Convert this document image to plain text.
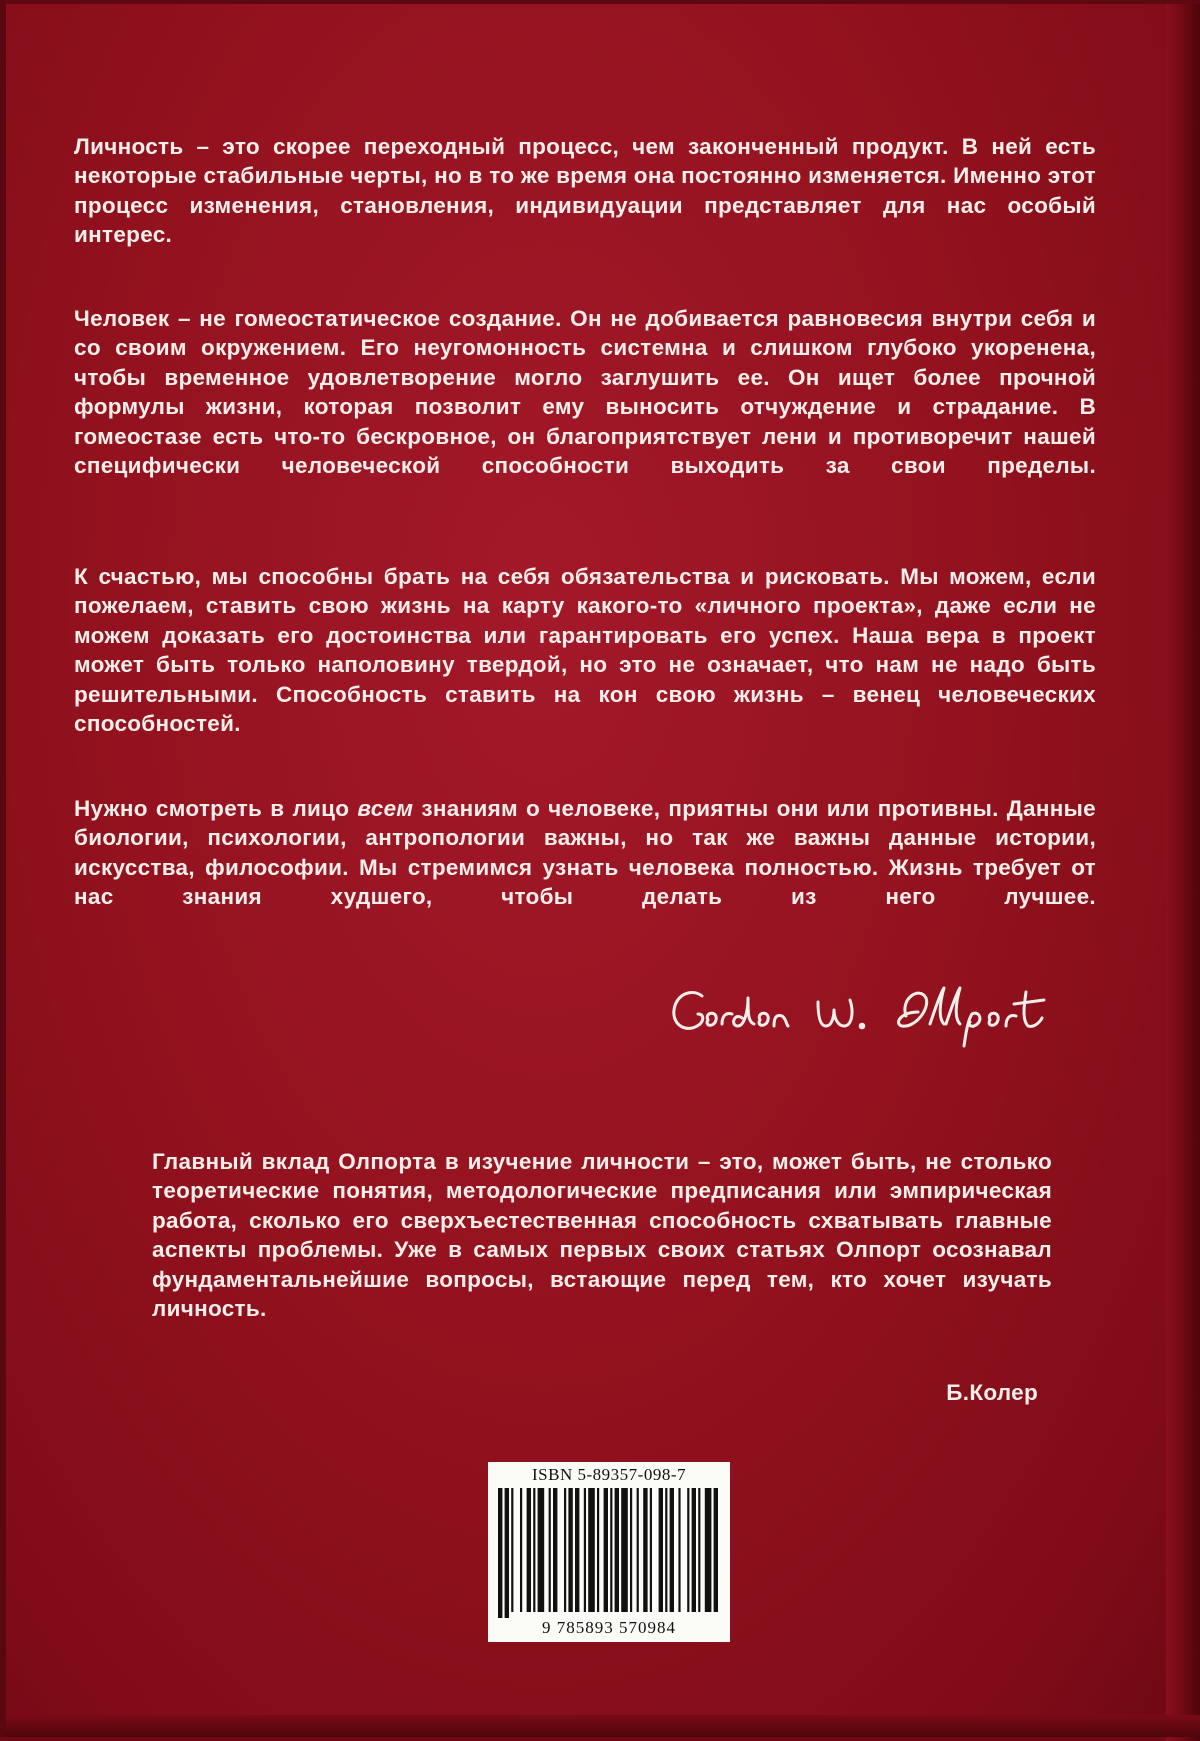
Личность – это скорее переходный процесс, чем законченный продукт. В ней есть некоторые стабильные черты, но в то же время она постоянно изменяется. Именно этот процесс изменения, становления, индивидуации представляет для нас особый интерес.

Человек – не гомеостатическое создание. Он не добивается равновесия внутри себя и со своим окружением. Его неугомонность системна и слишком глубоко укоренена, чтобы временное удовлетворение могло заглушить ее. Он ищет более прочной формулы жизни, которая позволит ему выносить отчуждение и страдание. В гомеостазе есть что-то бескровное, он благоприятствует лени и противоречит нашей специфически человеческой способности выходить за свои пределы.

К счастью, мы способны брать на себя обязательства и рисковать. Мы можем, если пожелаем, ставить свою жизнь на карту какого-то «личного проекта», даже если не можем доказать его достоинства или гарантировать его успех. Наша вера в проект может быть только наполовину твердой, но это не означает, что нам не надо быть решительными. Способность ставить на кон свою жизнь – венец человеческих способностей.

Нужно смотреть в лицо всем знаниям о человеке, приятны они или противны. Данные биологии, психологии, антропологии важны, но так же важны данные истории, искусства, философии. Мы стремимся узнать человека полностью. Жизнь требует от нас знания худшего, чтобы делать из него лучшее.

Главный вклад Олпорта в изучение личности – это, может быть, не столько теоретические понятия, методологические предписания или эмпирическая работа, сколько его сверхъестественная способность схватывать главные аспекты проблемы. Уже в самых первых своих статьях Олпорт осознавал фундаментальнейшие вопросы, встающие перед тем, кто хочет изучать личность.

Б.Колер
ISBN 5-89357-098-7
9 785893 570984
